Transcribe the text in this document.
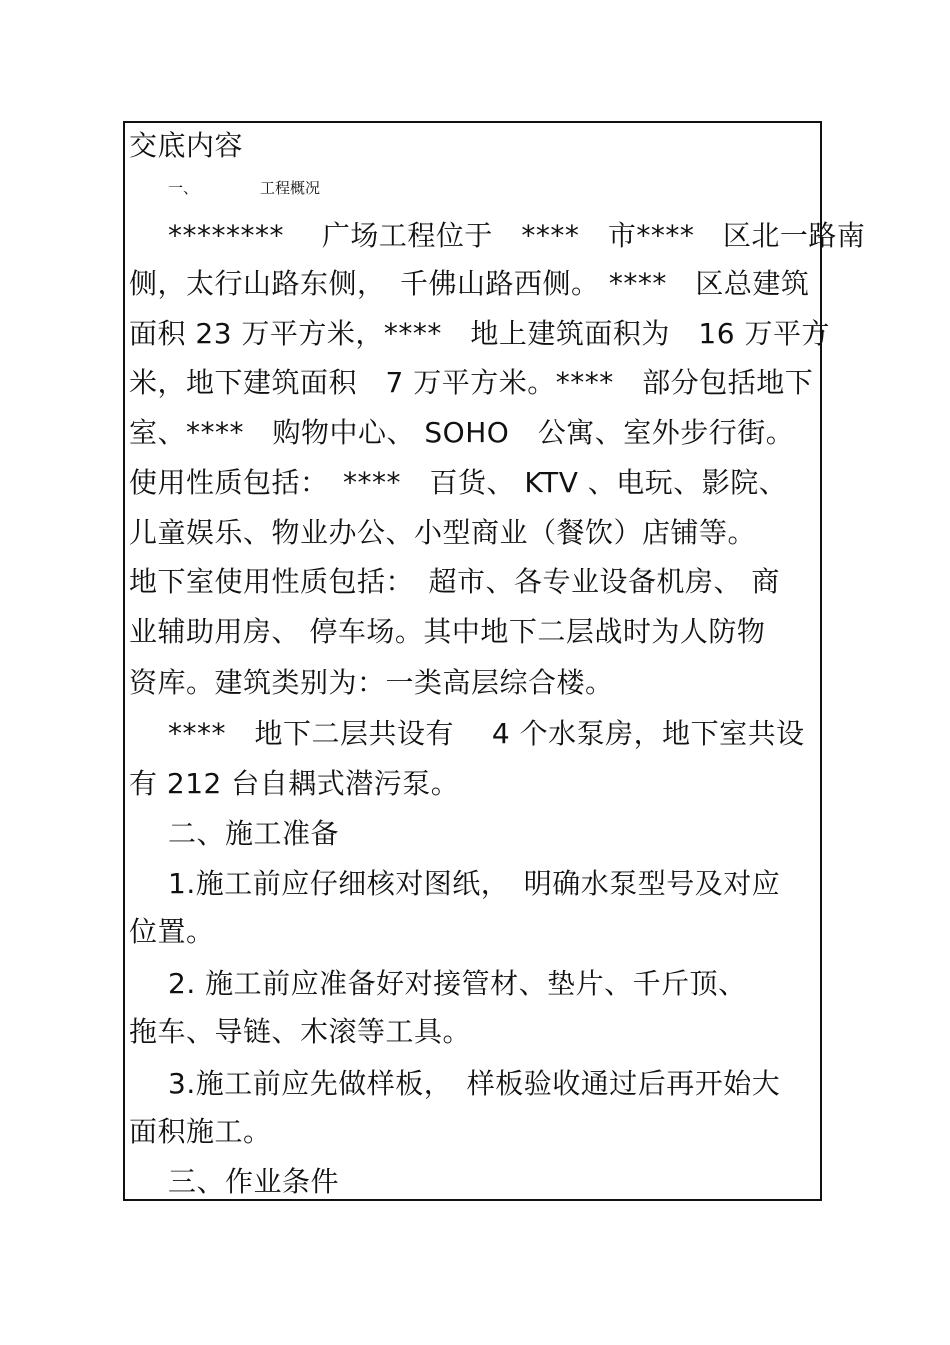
交底内容
一、	工程概况
********　 广场工程位于　****　市****　区北一路南
侧，太行山路东侧，　千佛山路西侧。 ****　区总建筑
面积 23 万平方米，****　地上建筑面积为　16 万平方
米，地下建筑面积　7 万平方米。****　部分包括地下
室、****　购物中心、 SOHO　公寓、室外步行街。
使用性质包括：　****　百货、 KTV 、电玩、影院、
儿童娱乐、物业办公、小型商业（餐饮）店铺等。
地下室使用性质包括：　超市、各专业设备机房、 商
业辅助用房、 停车场。其中地下二层战时为人防物
资库。建筑类别为：一类高层综合楼。
****　地下二层共设有　 4 个水泵房，地下室共设
有 212 台自耦式潜污泵。
二、施工准备
1.施工前应仔细核对图纸，　明确水泵型号及对应
位置。
2. 施工前应准备好对接管材、垫片、千斤顶、
拖车、导链、木滚等工具。
3.施工前应先做样板，　样板验收通过后再开始大
面积施工。
三、作业条件
